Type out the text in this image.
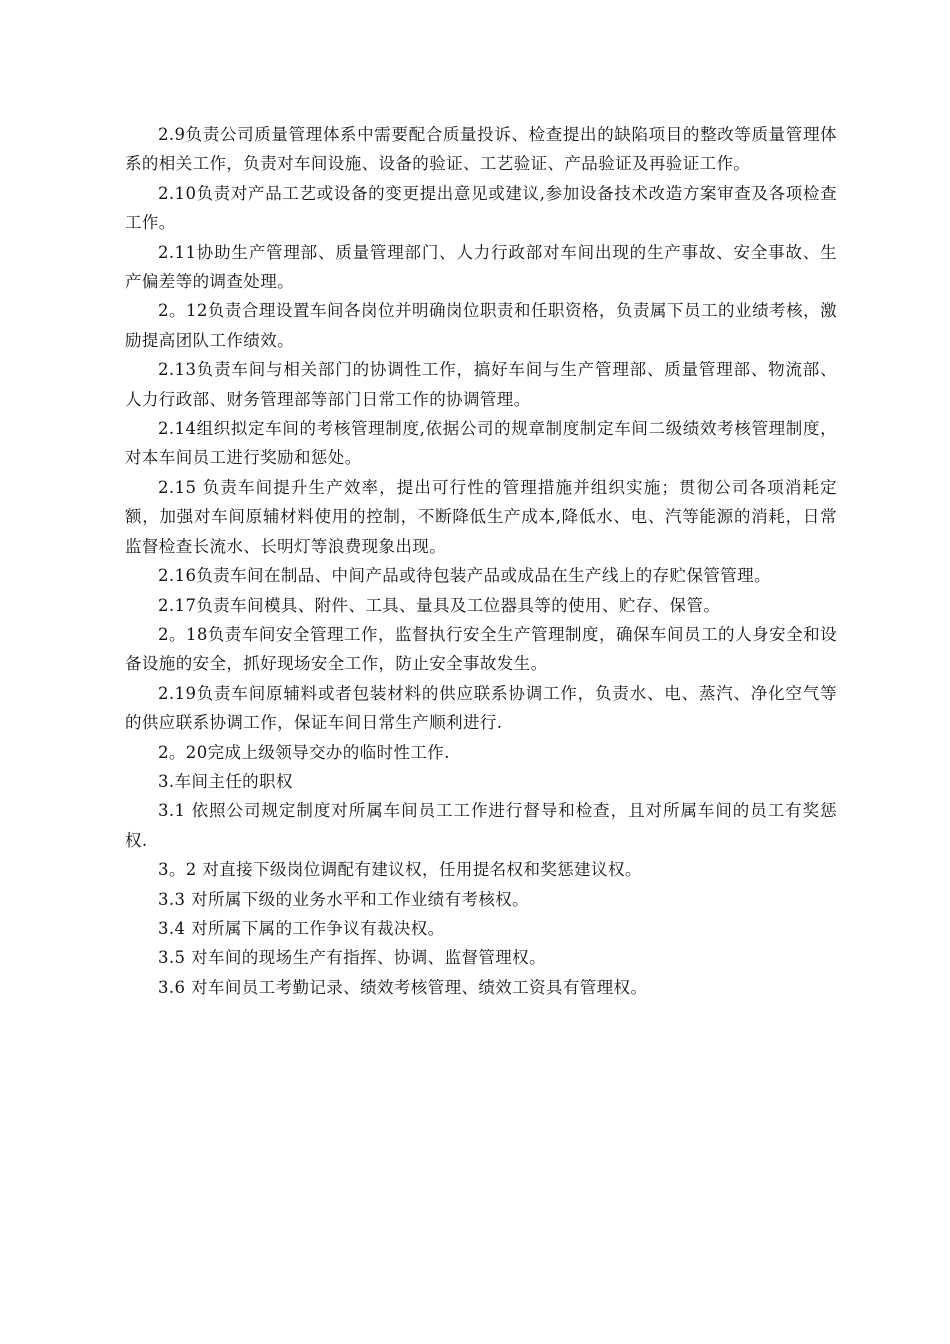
2.9负责公司质量管理体系中需要配合质量投诉、检查提出的缺陷项目的整改等质量管理体系的相关工作，负责对车间设施、设备的验证、工艺验证、产品验证及再验证工作。

2.10负责对产品工艺或设备的变更提出意见或建议,参加设备技术改造方案审查及各项检查工作。

2.11协助生产管理部、质量管理部门、人力行政部对车间出现的生产事故、安全事故、生产偏差等的调查处理。

2。12负责合理设置车间各岗位并明确岗位职责和任职资格，负责属下员工的业绩考核，激励提高团队工作绩效。

2.13负责车间与相关部门的协调性工作，搞好车间与生产管理部、质量管理部、物流部、人力行政部、财务管理部等部门日常工作的协调管理。

2.14组织拟定车间的考核管理制度,依据公司的规章制度制定车间二级绩效考核管理制度，对本车间员工进行奖励和惩处。

2.15 负责车间提升生产效率，提出可行性的管理措施并组织实施；贯彻公司各项消耗定额，加强对车间原辅材料使用的控制，不断降低生产成本,降低水、电、汽等能源的消耗，日常监督检查长流水、长明灯等浪费现象出现。

2.16负责车间在制品、中间产品或待包装产品或成品在生产线上的存贮保管管理。

2.17负责车间模具、附件、工具、量具及工位器具等的使用、贮存、保管。

2。18负责车间安全管理工作，监督执行安全生产管理制度，确保车间员工的人身安全和设备设施的安全，抓好现场安全工作，防止安全事故发生。

2.19负责车间原辅料或者包装材料的供应联系协调工作，负责水、电、蒸汽、净化空气等的供应联系协调工作，保证车间日常生产顺利进行.

2。20完成上级领导交办的临时性工作.

3.车间主任的职权

3.1 依照公司规定制度对所属车间员工工作进行督导和检查，且对所属车间的员工有奖惩权.

3。2 对直接下级岗位调配有建议权，任用提名权和奖惩建议权。

3.3 对所属下级的业务水平和工作业绩有考核权。

3.4 对所属下属的工作争议有裁决权。

3.5 对车间的现场生产有指挥、协调、监督管理权。

3.6 对车间员工考勤记录、绩效考核管理、绩效工资具有管理权。
